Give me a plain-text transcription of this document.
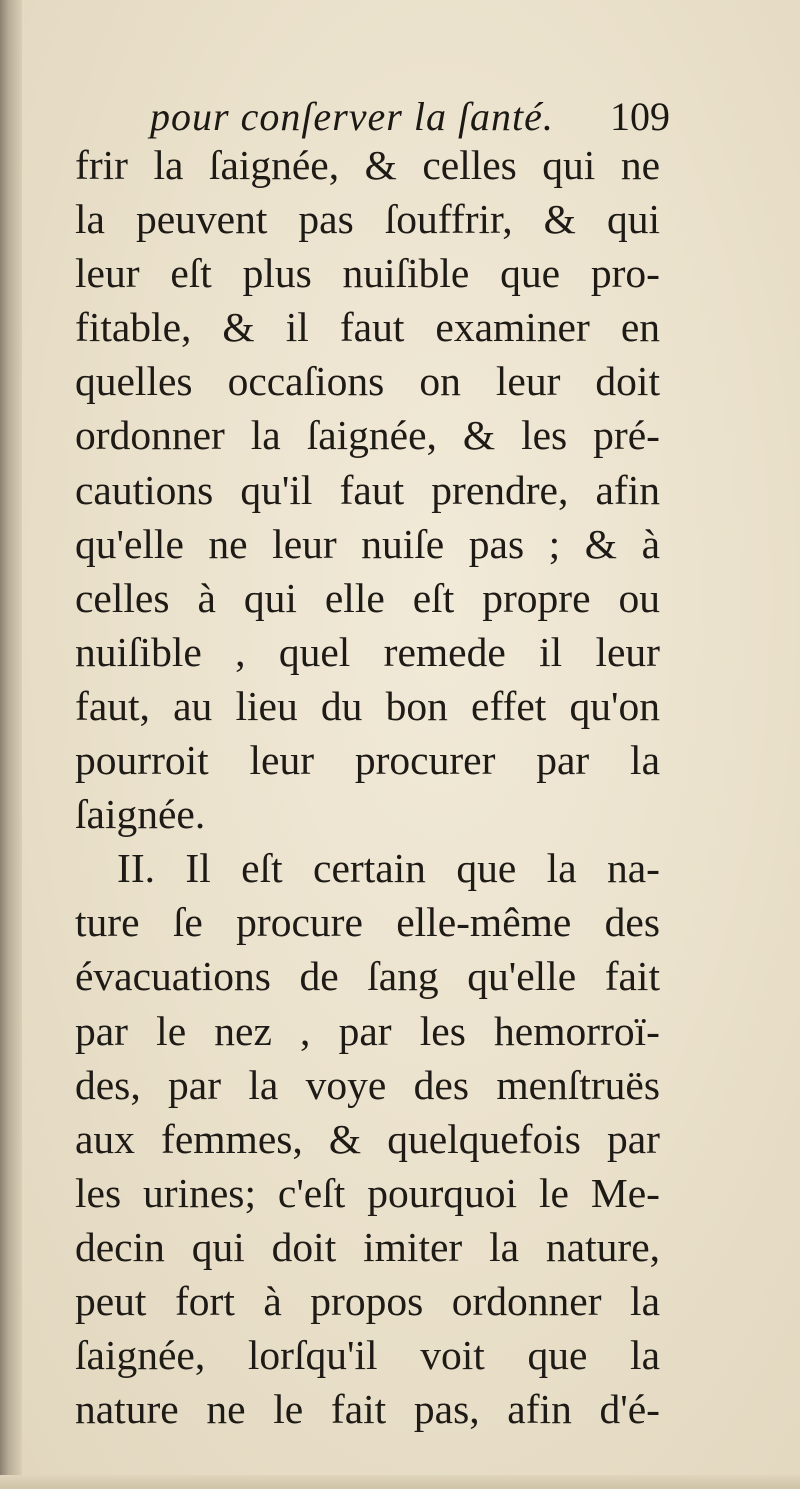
pour conſerver la ſanté. 109
frir la ſaignée, & celles qui ne
la peuvent pas ſouffrir, & qui
leur eſt plus nuiſible que pro-
fitable, & il faut examiner en
quelles occaſions on leur doit
ordonner la ſaignée, & les pré-
cautions qu'il faut prendre, afin
qu'elle ne leur nuiſe pas ; & à
celles à qui elle eſt propre ou
nuiſible , quel remede il leur
faut, au lieu du bon effet qu'on
pourroit leur procurer par la
ſaignée.
II. Il eſt certain que la na-
ture ſe procure elle-même des
évacuations de ſang qu'elle fait
par le nez , par les hemorroï-
des, par la voye des menſtruës
aux femmes, & quelquefois par
les urines; c'eſt pourquoi le Me-
decin qui doit imiter la nature,
peut fort à propos ordonner la
ſaignée, lorſqu'il voit que la
nature ne le fait pas, afin d'é-
